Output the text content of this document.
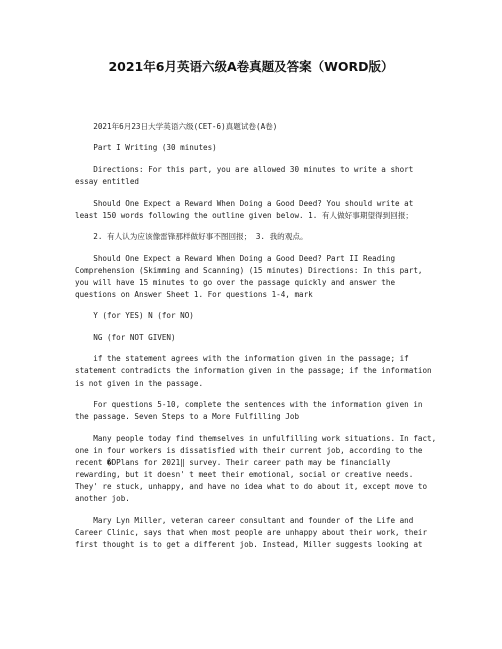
2021年6月英语六级A卷真题及答案（WORD版）
2021年6月23日大学英语六级(CET-6)真题试卷(A卷)
Part I Writing (30 minutes)
Directions: For this part, you are allowed 30 minutes to write a short
essay entitled
Should One Expect a Reward When Doing a Good Deed? You should write at
least 150 words following the outline given below. 1. 有人做好事期望得到回报；
2. 有人认为应该像雷锋那样做好事不图回报； 3. 我的观点。
Should One Expect a Reward When Doing a Good Deed? Part II Reading
Comprehension (Skimming and Scanning) (15 minutes) Directions: In this part,
you will have 15 minutes to go over the passage quickly and answer the
questions on Answer Sheet 1. For questions 1-4, mark
Y (for YES) N (for NO)
NG (for NOT GIVEN)
if the statement agrees with the information given in the passage; if
statement contradicts the information given in the passage; if the information
is not given in the passage.
For questions 5-10, complete the sentences with the information given in
the passage. Seven Steps to a More Fulfilling Job
Many people today find themselves in unfulfilling work situations. In fact,
one in four workers is dissatisfied with their current job, according to the
recent �DPlans for 2021‖ survey. Their career path may be financially
rewarding, but it doesn' t meet their emotional, social or creative needs.
They' re stuck, unhappy, and have no idea what to do about it, except move to
another job.
Mary Lyn Miller, veteran career consultant and founder of the Life and
Career Clinic, says that when most people are unhappy about their work, their
first thought is to get a different job. Instead, Miller suggests looking at
